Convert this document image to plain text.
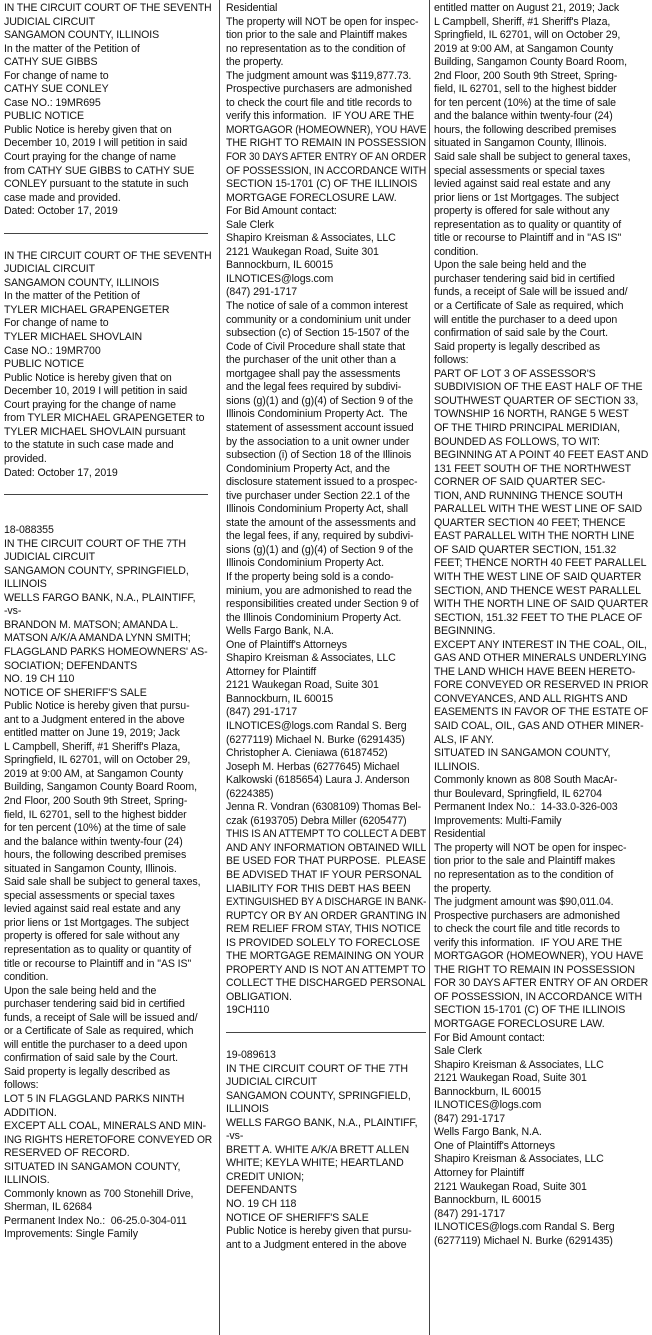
IN THE CIRCUIT COURT OF THE SEVENTH
JUDICIAL CIRCUIT
SANGAMON COUNTY, ILLINOIS
In the matter of the Petition of
CATHY SUE GIBBS
For change of name to
CATHY SUE CONLEY
Case NO.: 19MR695
PUBLIC NOTICE
Public Notice is hereby given that on
December 10, 2019 I will petition in said
Court praying for the change of name
from CATHY SUE GIBBS to CATHY SUE
CONLEY pursuant to the statute in such
case made and provided.
Dated: October 17, 2019
IN THE CIRCUIT COURT OF THE SEVENTH
JUDICIAL CIRCUIT
SANGAMON COUNTY, ILLINOIS
In the matter of the Petition of
TYLER MICHAEL GRAPENGETER
For change of name to
TYLER MICHAEL SHOVLAIN
Case NO.: 19MR700
PUBLIC NOTICE
Public Notice is hereby given that on
December 10, 2019 I will petition in said
Court praying for the change of name
from TYLER MICHAEL GRAPENGETER to
TYLER MICHAEL SHOVLAIN pursuant
to the statute in such case made and
provided.
Dated: October 17, 2019
18-088355
IN THE CIRCUIT COURT OF THE 7TH
JUDICIAL CIRCUIT
SANGAMON COUNTY, SPRINGFIELD,
ILLINOIS
WELLS FARGO BANK, N.A., PLAINTIFF,
-vs-
BRANDON M. MATSON; AMANDA L.
MATSON A/K/A AMANDA LYNN SMITH;
FLAGGLAND PARKS HOMEOWNERS' AS-
SOCIATION; DEFENDANTS
NO. 19 CH 110
NOTICE OF SHERIFF'S SALE
Public Notice is hereby given that pursu-
ant to a Judgment entered in the above
entitled matter on June 19, 2019; Jack
L Campbell, Sheriff, #1 Sheriff's Plaza,
Springfield, IL 62701, will on October 29,
2019 at 9:00 AM, at Sangamon County
Building, Sangamon County Board Room,
2nd Floor, 200 South 9th Street, Spring-
field, IL 62701, sell to the highest bidder
for ten percent (10%) at the time of sale
and the balance within twenty-four (24)
hours, the following described premises
situated in Sangamon County, Illinois.
Said sale shall be subject to general taxes,
special assessments or special taxes
levied against said real estate and any
prior liens or 1st Mortgages. The subject
property is offered for sale without any
representation as to quality or quantity of
title or recourse to Plaintiff and in "AS IS"
condition.
Upon the sale being held and the
purchaser tendering said bid in certified
funds, a receipt of Sale will be issued and/
or a Certificate of Sale as required, which
will entitle the purchaser to a deed upon
confirmation of said sale by the Court.
Said property is legally described as
follows:
LOT 5 IN FLAGGLAND PARKS NINTH
ADDITION.
EXCEPT ALL COAL, MINERALS AND MIN-
ING RIGHTS HERETOFORE CONVEYED OR
RESERVED OF RECORD.
SITUATED IN SANGAMON COUNTY,
ILLINOIS.
Commonly known as 700 Stonehill Drive,
Sherman, IL 62684
Permanent Index No.:  06-25.0-304-011
Improvements: Single Family
Residential
The property will NOT be open for inspec-
tion prior to the sale and Plaintiff makes
no representation as to the condition of
the property.
The judgment amount was $119,877.73.
Prospective purchasers are admonished
to check the court file and title records to
verify this information.  IF YOU ARE THE
MORTGAGOR (HOMEOWNER), YOU HAVE
THE RIGHT TO REMAIN IN POSSESSION
FOR 30 DAYS AFTER ENTRY OF AN ORDER
OF POSSESSION, IN ACCORDANCE WITH
SECTION 15-1701 (C) OF THE ILLINOIS
MORTGAGE FORECLOSURE LAW.
For Bid Amount contact:
Sale Clerk
Shapiro Kreisman & Associates, LLC
2121 Waukegan Road, Suite 301
Bannockburn, IL 60015
ILNOTICES@logs.com
(847) 291-1717
The notice of sale of a common interest
community or a condominium unit under
subsection (c) of Section 15-1507 of the
Code of Civil Procedure shall state that
the purchaser of the unit other than a
mortgagee shall pay the assessments
and the legal fees required by subdivi-
sions (g)(1) and (g)(4) of Section 9 of the
Illinois Condominium Property Act.  The
statement of assessment account issued
by the association to a unit owner under
subsection (i) of Section 18 of the Illinois
Condominium Property Act, and the
disclosure statement issued to a prospec-
tive purchaser under Section 22.1 of the
Illinois Condominium Property Act, shall
state the amount of the assessments and
the legal fees, if any, required by subdivi-
sions (g)(1) and (g)(4) of Section 9 of the
Illinois Condominium Property Act.
If the property being sold is a condo-
minium, you are admonished to read the
responsibilities created under Section 9 of
the Illinois Condominium Property Act.
Wells Fargo Bank, N.A.
One of Plaintiff's Attorneys
Shapiro Kreisman & Associates, LLC
Attorney for Plaintiff
2121 Waukegan Road, Suite 301
Bannockburn, IL 60015
(847) 291-1717
ILNOTICES@logs.com Randal S. Berg
(6277119) Michael N. Burke (6291435)
Christopher A. Cieniawa (6187452)
Joseph M. Herbas (6277645) Michael
Kalkowski (6185654) Laura J. Anderson
(6224385)
Jenna R. Vondran (6308109) Thomas Bel-
czak (6193705) Debra Miller (6205477)
THIS IS AN ATTEMPT TO COLLECT A DEBT
AND ANY INFORMATION OBTAINED WILL
BE USED FOR THAT PURPOSE.  PLEASE
BE ADVISED THAT IF YOUR PERSONAL
LIABILITY FOR THIS DEBT HAS BEEN
EXTINGUISHED BY A DISCHARGE IN BANK-
RUPTCY OR BY AN ORDER GRANTING IN
REM RELIEF FROM STAY, THIS NOTICE
IS PROVIDED SOLELY TO FORECLOSE
THE MORTGAGE REMAINING ON YOUR
PROPERTY AND IS NOT AN ATTEMPT TO
COLLECT THE DISCHARGED PERSONAL
OBLIGATION.
19CH110
19-089613
IN THE CIRCUIT COURT OF THE 7TH
JUDICIAL CIRCUIT
SANGAMON COUNTY, SPRINGFIELD,
ILLINOIS
WELLS FARGO BANK, N.A., PLAINTIFF,
-vs-
BRETT A. WHITE A/K/A BRETT ALLEN
WHITE; KEYLA WHITE; HEARTLAND
CREDIT UNION;
DEFENDANTS
NO. 19 CH 118
NOTICE OF SHERIFF'S SALE
Public Notice is hereby given that pursu-
ant to a Judgment entered in the above
entitled matter on August 21, 2019; Jack
L Campbell, Sheriff, #1 Sheriff's Plaza,
Springfield, IL 62701, will on October 29,
2019 at 9:00 AM, at Sangamon County
Building, Sangamon County Board Room,
2nd Floor, 200 South 9th Street, Spring-
field, IL 62701, sell to the highest bidder
for ten percent (10%) at the time of sale
and the balance within twenty-four (24)
hours, the following described premises
situated in Sangamon County, Illinois.
Said sale shall be subject to general taxes,
special assessments or special taxes
levied against said real estate and any
prior liens or 1st Mortgages. The subject
property is offered for sale without any
representation as to quality or quantity of
title or recourse to Plaintiff and in "AS IS"
condition.
Upon the sale being held and the
purchaser tendering said bid in certified
funds, a receipt of Sale will be issued and/
or a Certificate of Sale as required, which
will entitle the purchaser to a deed upon
confirmation of said sale by the Court.
Said property is legally described as
follows:
PART OF LOT 3 OF ASSESSOR'S
SUBDIVISION OF THE EAST HALF OF THE
SOUTHWEST QUARTER OF SECTION 33,
TOWNSHIP 16 NORTH, RANGE 5 WEST
OF THE THIRD PRINCIPAL MERIDIAN,
BOUNDED AS FOLLOWS, TO WIT:
BEGINNING AT A POINT 40 FEET EAST AND
131 FEET SOUTH OF THE NORTHWEST
CORNER OF SAID QUARTER SEC-
TION, AND RUNNING THENCE SOUTH
PARALLEL WITH THE WEST LINE OF SAID
QUARTER SECTION 40 FEET; THENCE
EAST PARALLEL WITH THE NORTH LINE
OF SAID QUARTER SECTION, 151.32
FEET; THENCE NORTH 40 FEET PARALLEL
WITH THE WEST LINE OF SAID QUARTER
SECTION, AND THENCE WEST PARALLEL
WITH THE NORTH LINE OF SAID QUARTER
SECTION, 151.32 FEET TO THE PLACE OF
BEGINNING.
EXCEPT ANY INTEREST IN THE COAL, OIL,
GAS AND OTHER MINERALS UNDERLYING
THE LAND WHICH HAVE BEEN HERETO-
FORE CONVEYED OR RESERVED IN PRIOR
CONVEYANCES, AND ALL RIGHTS AND
EASEMENTS IN FAVOR OF THE ESTATE OF
SAID COAL, OIL, GAS AND OTHER MINER-
ALS, IF ANY.
SITUATED IN SANGAMON COUNTY,
ILLINOIS.
Commonly known as 808 South MacAr-
thur Boulevard, Springfield, IL 62704
Permanent Index No.:  14-33.0-326-003
Improvements: Multi-Family
Residential
The property will NOT be open for inspec-
tion prior to the sale and Plaintiff makes
no representation as to the condition of
the property.
The judgment amount was $90,011.04.
Prospective purchasers are admonished
to check the court file and title records to
verify this information.  IF YOU ARE THE
MORTGAGOR (HOMEOWNER), YOU HAVE
THE RIGHT TO REMAIN IN POSSESSION
FOR 30 DAYS AFTER ENTRY OF AN ORDER
OF POSSESSION, IN ACCORDANCE WITH
SECTION 15-1701 (C) OF THE ILLINOIS
MORTGAGE FORECLOSURE LAW.
For Bid Amount contact:
Sale Clerk
Shapiro Kreisman & Associates, LLC
2121 Waukegan Road, Suite 301
Bannockburn, IL 60015
ILNOTICES@logs.com
(847) 291-1717
Wells Fargo Bank, N.A.
One of Plaintiff's Attorneys
Shapiro Kreisman & Associates, LLC
Attorney for Plaintiff
2121 Waukegan Road, Suite 301
Bannockburn, IL 60015
(847) 291-1717
ILNOTICES@logs.com Randal S. Berg
(6277119) Michael N. Burke (6291435)
